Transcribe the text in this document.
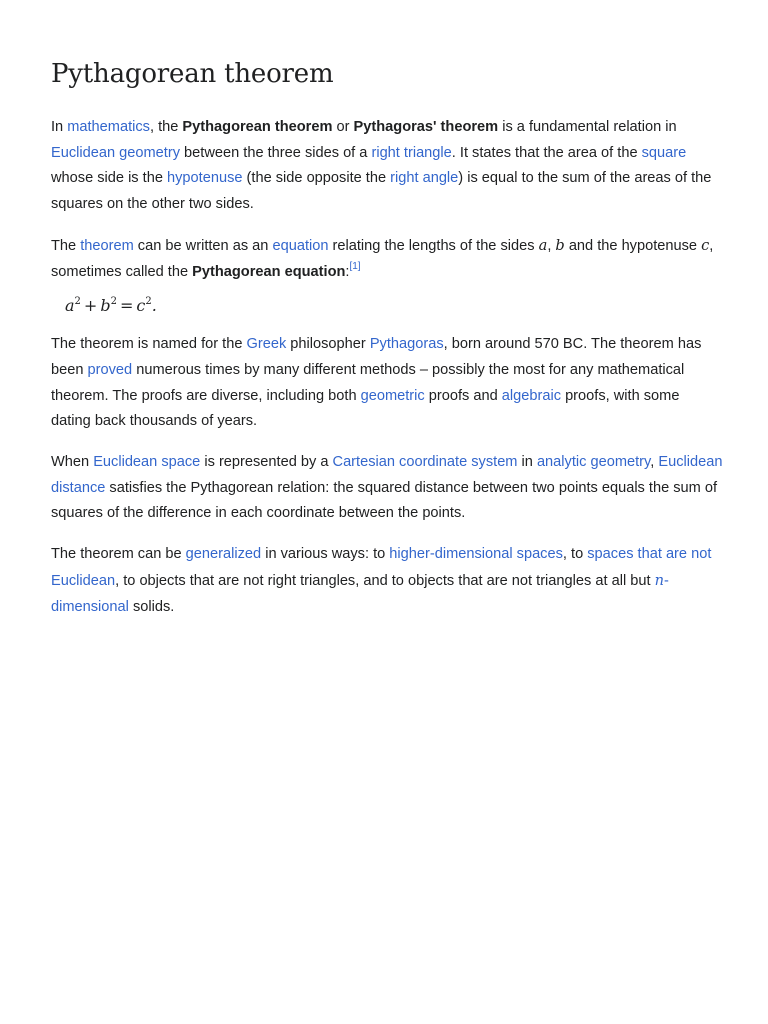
Pythagorean theorem

In mathematics, the Pythagorean theorem or Pythagoras' theorem is a fundamental relation in Euclidean geometry between the three sides of a right triangle. It states that the area of the square whose side is the hypotenuse (the side opposite the right angle) is equal to the sum of the areas of the squares on the other two sides.

The theorem can be written as an equation relating the lengths of the sides a, b and the hypotenuse c, sometimes called the Pythagorean equation:[1]

$a^2 + b^2 = c^2$.

The theorem is named for the Greek philosopher Pythagoras, born around 570 BC. The theorem has been proved numerous times by many different methods – possibly the most for any mathematical theorem. The proofs are diverse, including both geometric proofs and algebraic proofs, with some dating back thousands of years.

When Euclidean space is represented by a Cartesian coordinate system in analytic geometry, Euclidean distance satisfies the Pythagorean relation: the squared distance between two points equals the sum of squares of the difference in each coordinate between the points.

The theorem can be generalized in various ways: to higher-dimensional spaces, to spaces that are not Euclidean, to objects that are not right triangles, and to objects that are not triangles at all but n-dimensional solids.
